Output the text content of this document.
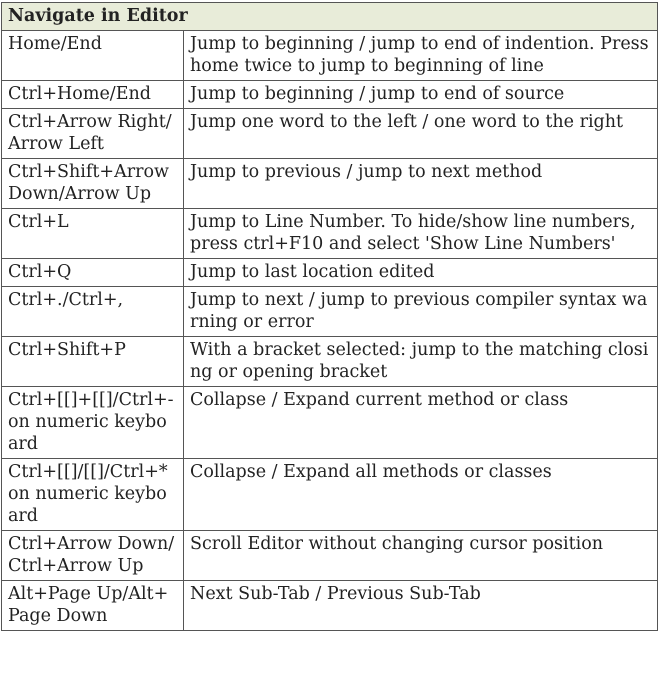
Navigate in Editor	
Home/End	Jump to beginning / jump to end of indention. Press home twice to jump to beginning of line
Ctrl+Home/End	Jump to beginning / jump to end of source
Ctrl+Arrow Right/Arrow Left	Jump one word to the left / one word to the right
Ctrl+Shift+Arrow Down/Arrow Up	Jump to previous / jump to next method
Ctrl+L	Jump to Line Number. To hide/show line numbers, press ctrl+F10 and select 'Show Line Numbers'
Ctrl+Q	Jump to last location edited
Ctrl+./Ctrl+,	Jump to next / jump to previous compiler syntax warning or error
Ctrl+Shift+P	With a bracket selected: jump to the matching closing or opening bracket
Ctrl+[[]+[[]/Ctrl+- on numeric keyboard	Collapse / Expand current method or class
Ctrl+[[]/[[]/Ctrl+* on numeric keyboard	Collapse / Expand all methods or classes
Ctrl+Arrow Down/ Ctrl+Arrow Up	Scroll Editor without changing cursor position
Alt+Page Up/Alt+Page Down	Next Sub-Tab / Previous Sub-Tab
